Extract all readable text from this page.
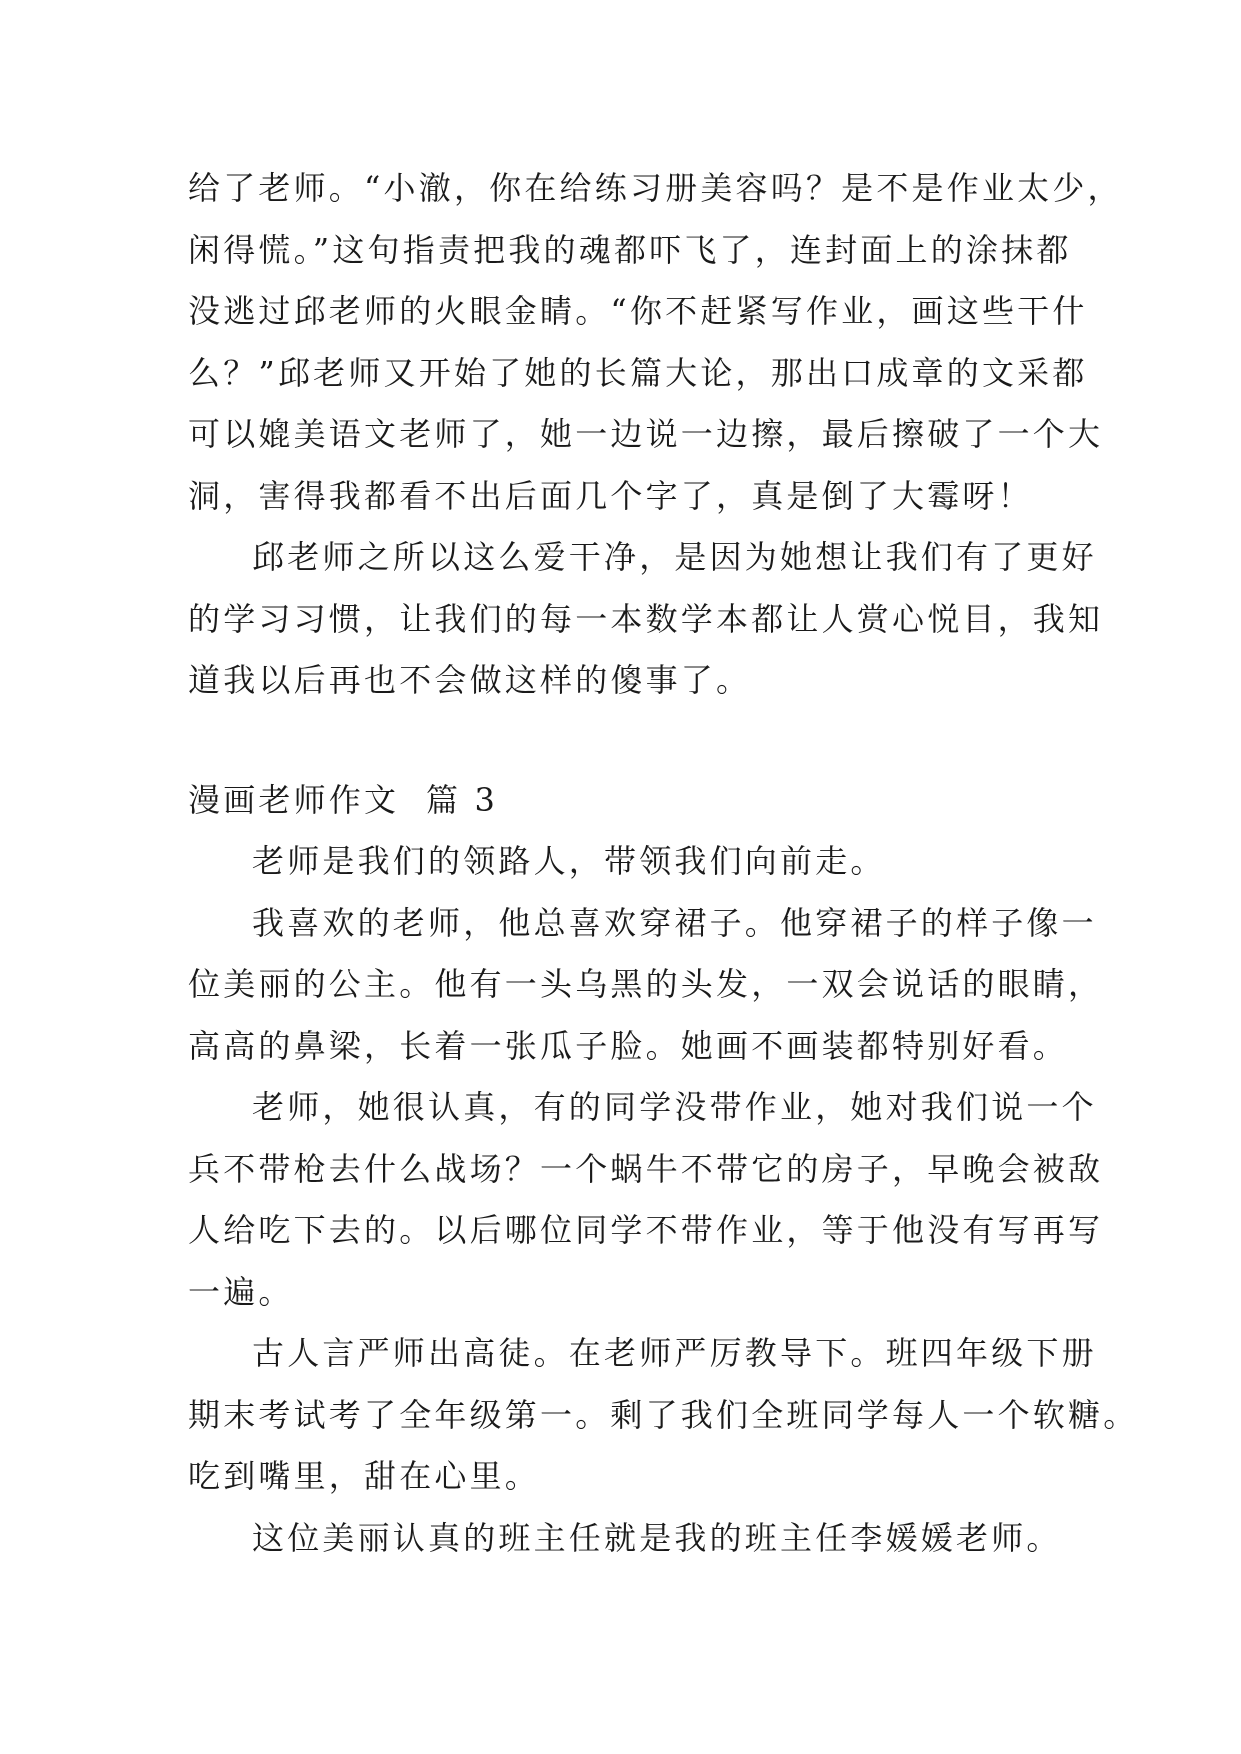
给了老师。“小澈，你在给练习册美容吗？是不是作业太少，
闲得慌。”这句指责把我的魂都吓飞了，连封面上的涂抹都
没逃过邱老师的火眼金睛。“你不赶紧写作业，画这些干什
么？”邱老师又开始了她的长篇大论，那出口成章的文采都
可以媲美语文老师了，她一边说一边擦，最后擦破了一个大
洞，害得我都看不出后面几个字了，真是倒了大霉呀！
邱老师之所以这么爱干净，是因为她想让我们有了更好
的学习习惯，让我们的每一本数学本都让人赏心悦目，我知
道我以后再也不会做这样的傻事了。
漫画老师作文  篇 3
老师是我们的领路人，带领我们向前走。
我喜欢的老师，他总喜欢穿裙子。他穿裙子的样子像一
位美丽的公主。他有一头乌黑的头发，一双会说话的眼睛，
高高的鼻梁，长着一张瓜子脸。她画不画装都特别好看。
老师，她很认真，有的同学没带作业，她对我们说一个
兵不带枪去什么战场？一个蜗牛不带它的房子，早晚会被敌
人给吃下去的。以后哪位同学不带作业，等于他没有写再写
一遍。
古人言严师出高徒。在老师严厉教导下。班四年级下册
期末考试考了全年级第一。剩了我们全班同学每人一个软糖。
吃到嘴里，甜在心里。
这位美丽认真的班主任就是我的班主任李媛媛老师。
